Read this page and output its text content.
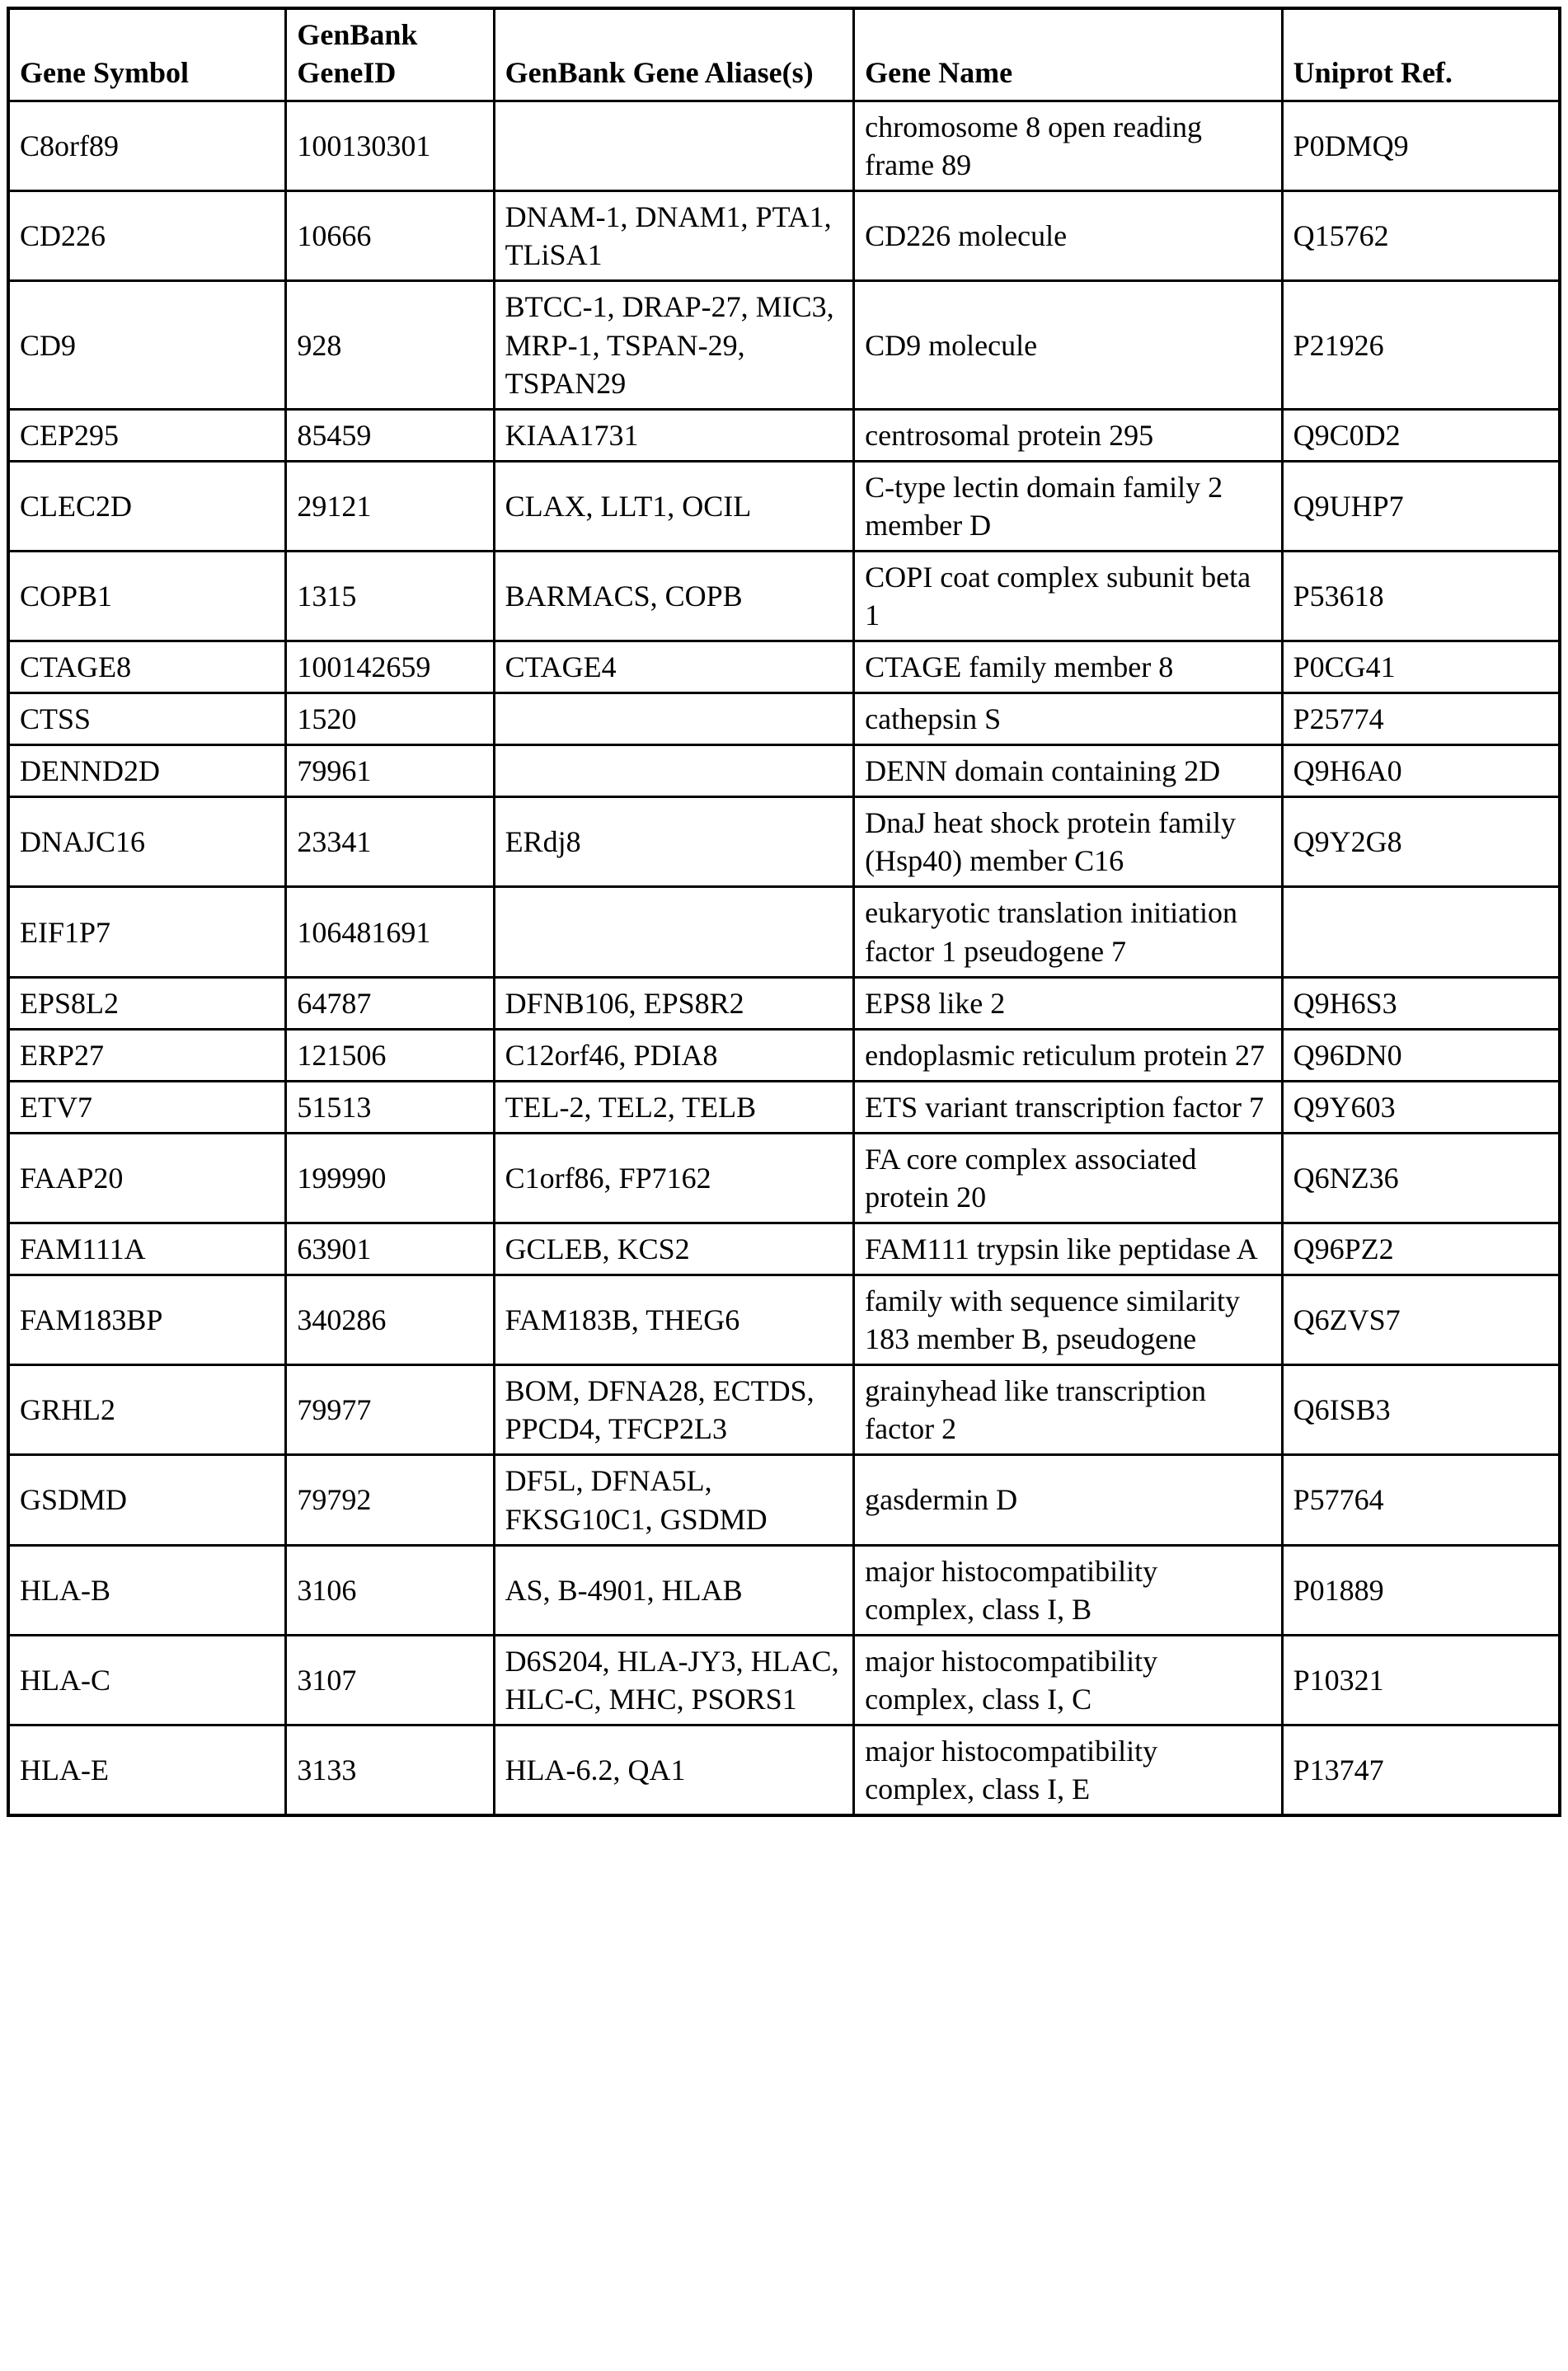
Gene Symbol	GenBank GeneID	GenBank Gene Aliase(s)	Gene Name	Uniprot Ref.
C8orf89	100130301		chromosome 8 open reading frame 89	P0DMQ9
CD226	10666	DNAM-1, DNAM1, PTA1, TLiSA1	CD226 molecule	Q15762
CD9	928	BTCC-1, DRAP-27, MIC3, MRP-1, TSPAN-29, TSPAN29	CD9 molecule	P21926
CEP295	85459	KIAA1731	centrosomal protein 295	Q9C0D2
CLEC2D	29121	CLAX, LLT1, OCIL	C-type lectin domain family 2 member D	Q9UHP7
COPB1	1315	BARMACS, COPB	COPI coat complex subunit beta 1	P53618
CTAGE8	100142659	CTAGE4	CTAGE family member 8	P0CG41
CTSS	1520		cathepsin S	P25774
DENND2D	79961		DENN domain containing 2D	Q9H6A0
DNAJC16	23341	ERdj8	DnaJ heat shock protein family (Hsp40) member C16	Q9Y2G8
EIF1P7	106481691		eukaryotic translation initiation factor 1 pseudogene 7	
EPS8L2	64787	DFNB106, EPS8R2	EPS8 like 2	Q9H6S3
ERP27	121506	C12orf46, PDIA8	endoplasmic reticulum protein 27	Q96DN0
ETV7	51513	TEL-2, TEL2, TELB	ETS variant transcription factor 7	Q9Y603
FAAP20	199990	C1orf86, FP7162	FA core complex associated protein 20	Q6NZ36
FAM111A	63901	GCLEB, KCS2	FAM111 trypsin like peptidase A	Q96PZ2
FAM183BP	340286	FAM183B, THEG6	family with sequence similarity 183 member B, pseudogene	Q6ZVS7
GRHL2	79977	BOM, DFNA28, ECTDS, PPCD4, TFCP2L3	grainyhead like transcription factor 2	Q6ISB3
GSDMD	79792	DF5L, DFNA5L, FKSG10C1, GSDMD	gasdermin D	P57764
HLA-B	3106	AS, B-4901, HLAB	major histocompatibility complex, class I, B	P01889
HLA-C	3107	D6S204, HLA-JY3, HLAC, HLC-C, MHC, PSORS1	major histocompatibility complex, class I, C	P10321
HLA-E	3133	HLA-6.2, QA1	major histocompatibility complex, class I, E	P13747
